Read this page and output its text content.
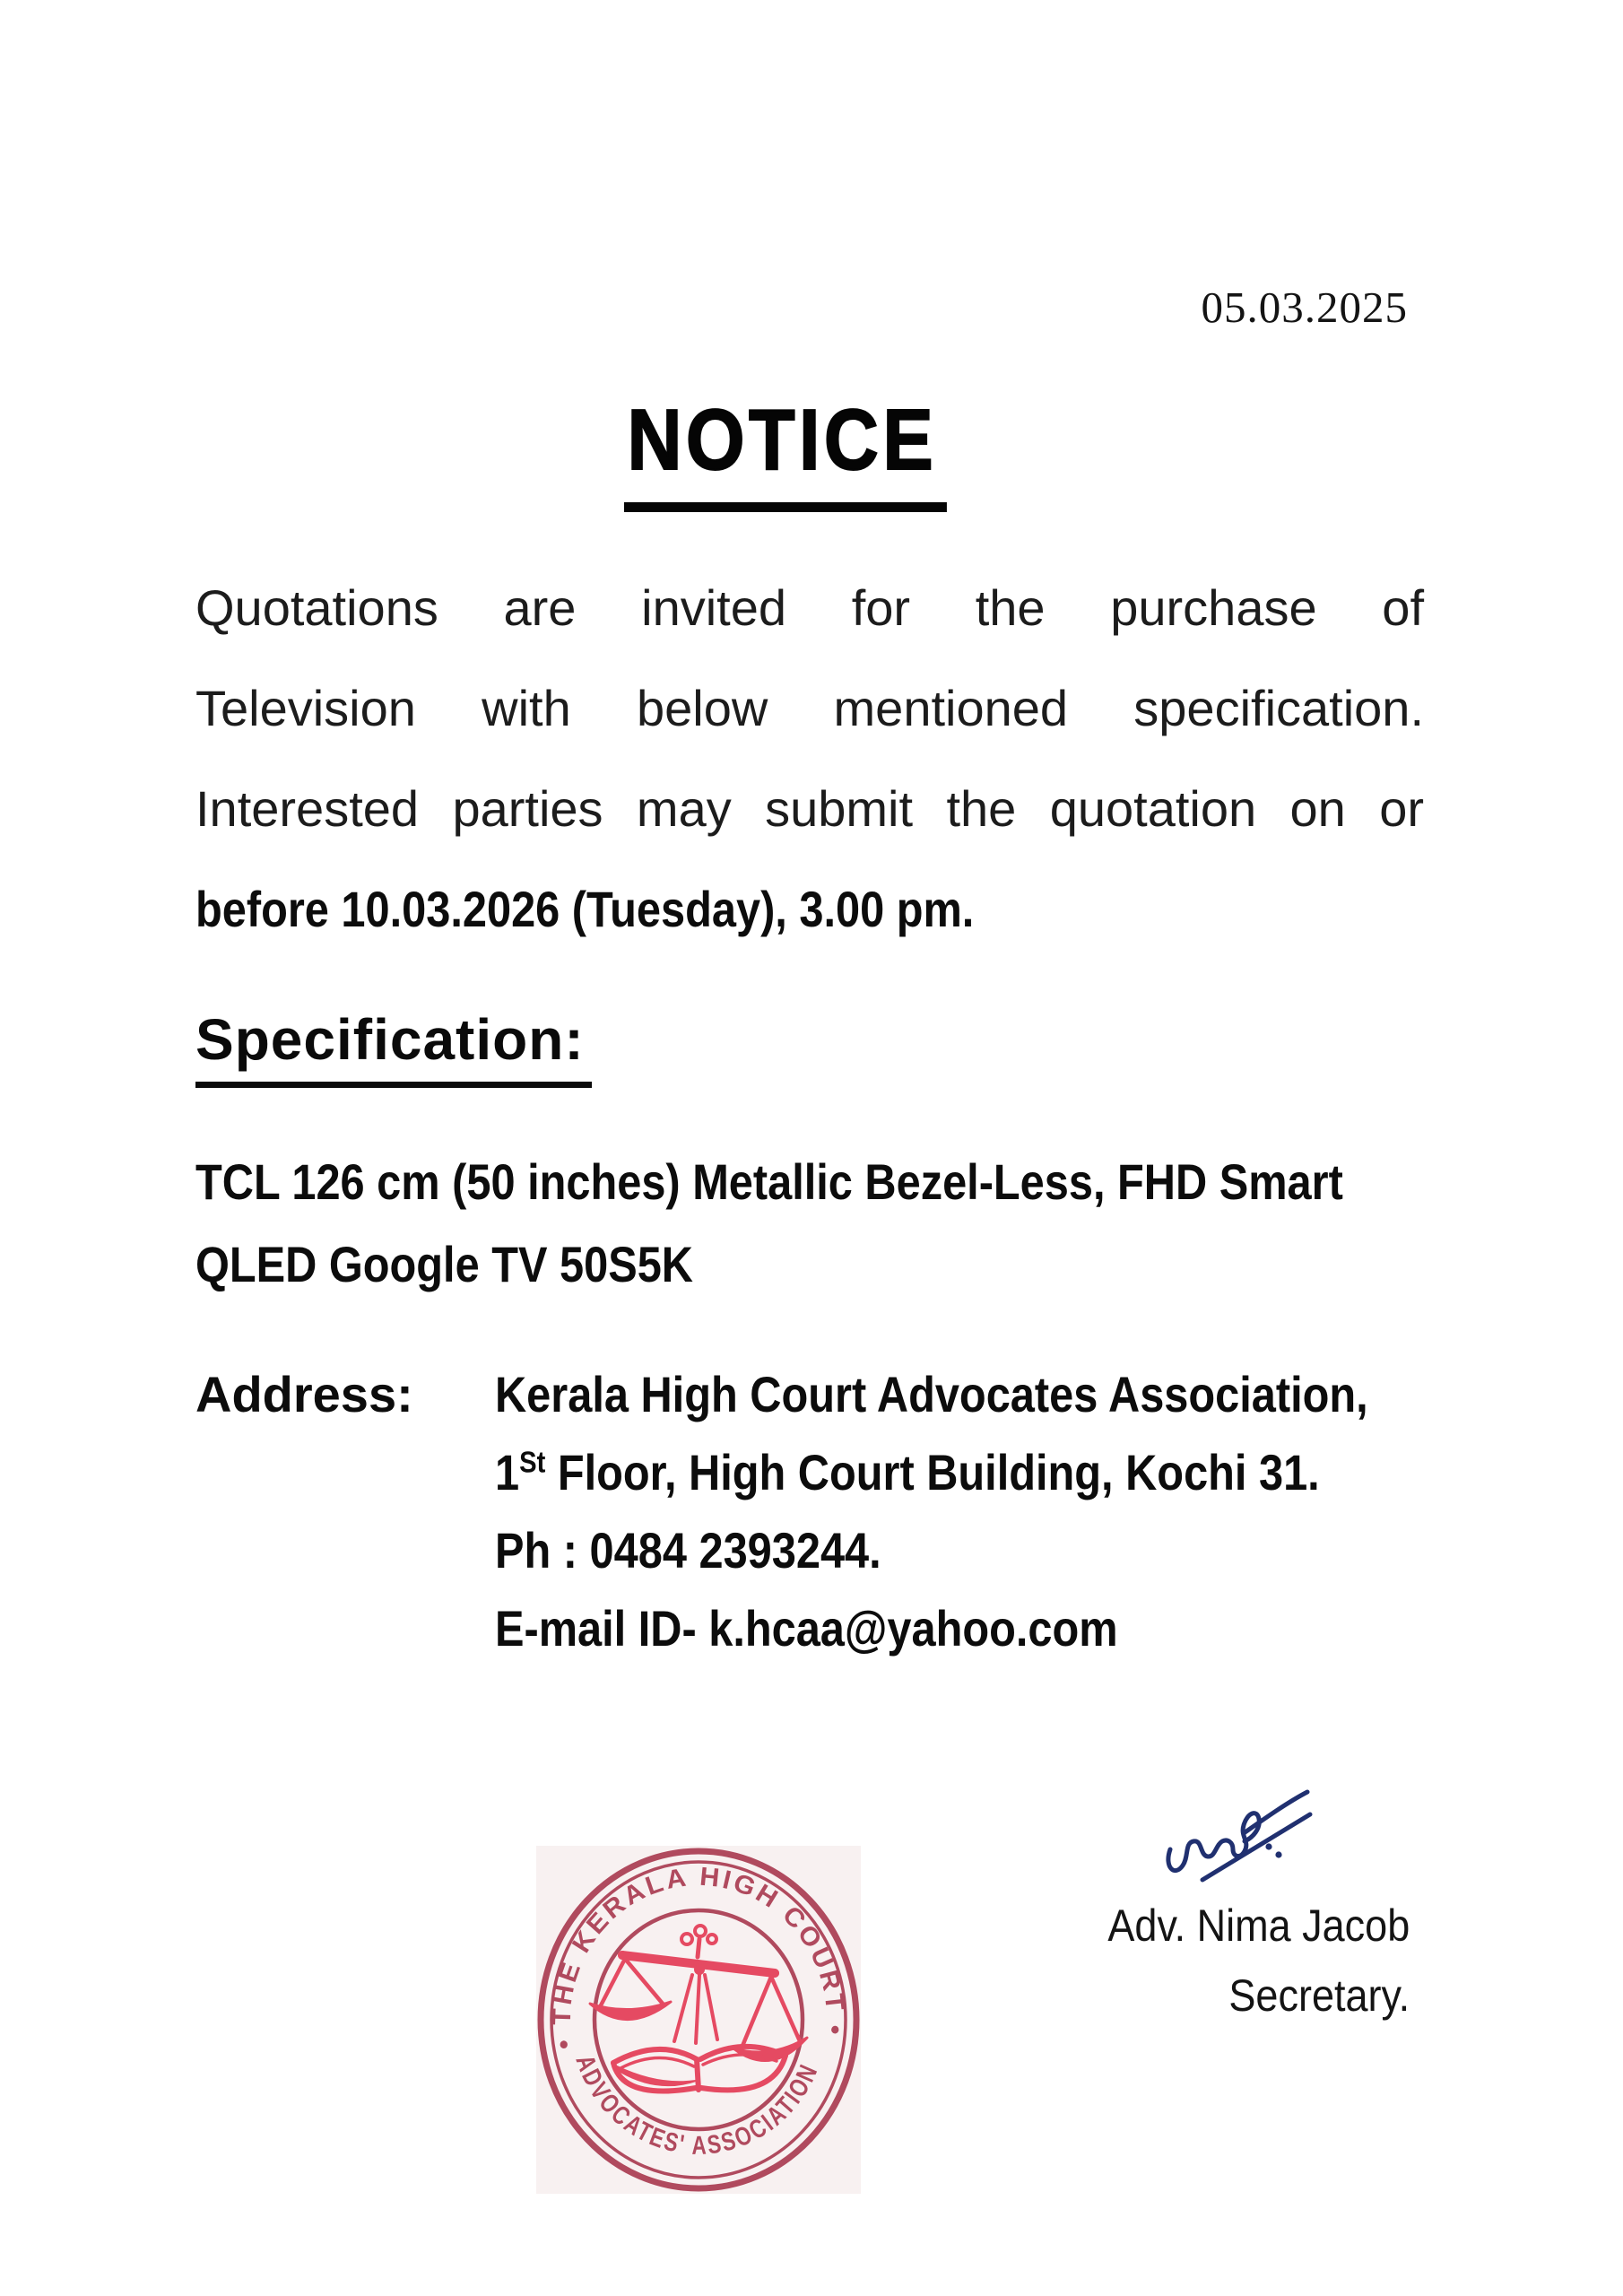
05.03.2025
NOTICE
Quotations are invited for the purchase of
Television with below mentioned specification.
Interested parties may submit the quotation on or
before 10.03.2026 (Tuesday), 3.00 pm.
Specification:
TCL 126 cm (50 inches) Metallic Bezel-Less, FHD Smart
QLED Google TV 50S5K
Address:	Kerala High Court Advocates Association,
1St Floor, High Court Building, Kochi 31.
Ph : 0484 2393244.
E-mail ID- k.hcaa@yahoo.com
Adv. Nima Jacob
Secretary.
• THE KERALA HIGH COURT •
ADVOCATES' ASSOCIATION
